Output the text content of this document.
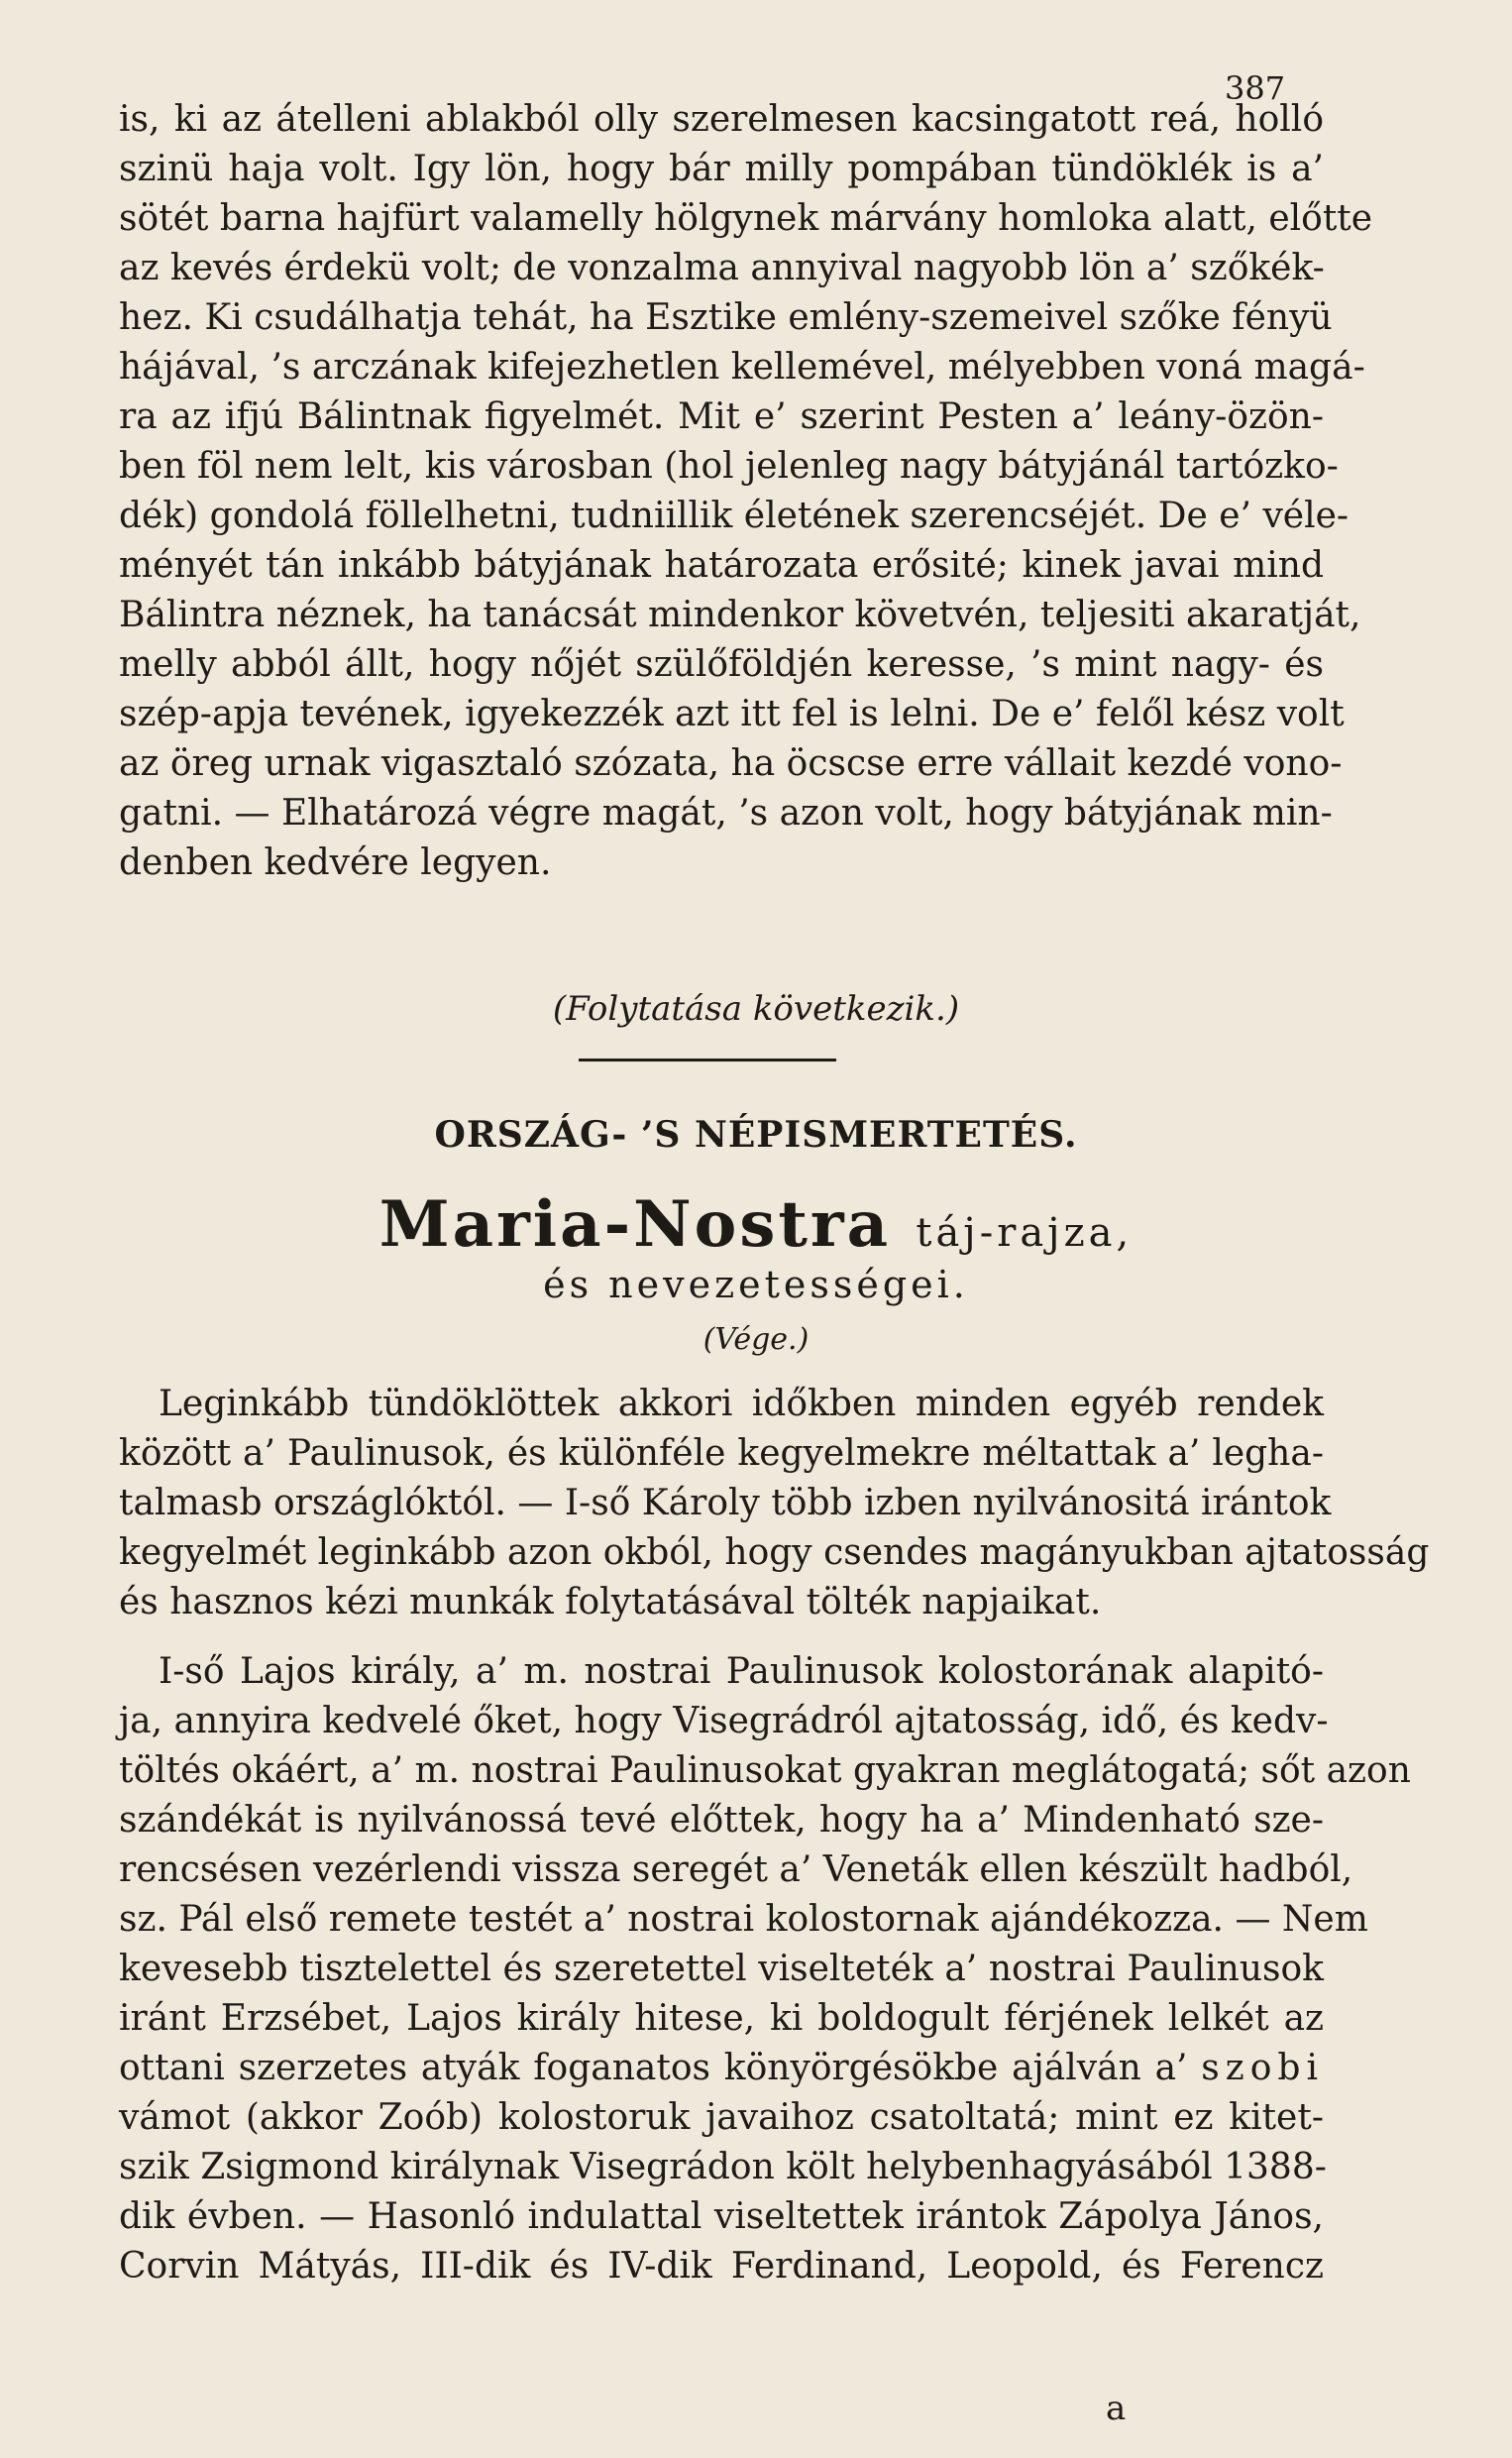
387
is, ki az átelleni ablakból olly szerelmesen kacsingatott reá, holló
szinü haja volt. Igy lön, hogy bár milly pompában tündöklék is a’
sötét barna hajfürt valamelly hölgynek márvány homloka alatt, előtte
az kevés érdekü volt; de vonzalma annyival nagyobb lön a’ szőkék-
hez. Ki csudálhatja tehát, ha Esztike emlény-szemeivel szőke fényü
hájával, ’s arczának kifejezhetlen kellemével, mélyebben voná magá-
ra az ifjú Bálintnak figyelmét. Mit e’ szerint Pesten a’ leány-özön-
ben föl nem lelt, kis városban (hol jelenleg nagy bátyjánál tartózko-
dék) gondolá föllelhetni, tudniillik életének szerencséjét. De e’ véle-
ményét tán inkább bátyjának határozata erősité; kinek javai mind
Bálintra néznek, ha tanácsát mindenkor követvén, teljesiti akaratját,
melly abból állt, hogy nőjét szülőföldjén keresse, ’s mint nagy- és
szép-apja tevének, igyekezzék azt itt fel is lelni. De e’ felől kész volt
az öreg urnak vigasztaló szózata, ha öcscse erre vállait kezdé vono-
gatni. — Elhatározá végre magát, ’s azon volt, hogy bátyjának min-
denben kedvére legyen.
(Folytatása következik.)
ORSZÁG- ’S NÉPISMERTETÉS.
Maria-Nostra táj-rajza,
és nevezetességei.
(Vége.)
Leginkább tündöklöttek akkori időkben minden egyéb rendek
között a’ Paulinusok, és különféle kegyelmekre méltattak a’ legha-
talmasb országlóktól. — I-ső Károly több izben nyilvánositá irántok
kegyelmét leginkább azon okból, hogy csendes magányukban ajtatosság
és hasznos kézi munkák folytatásával tölték napjaikat.
I-ső Lajos király, a’ m. nostrai Paulinusok kolostorának alapitó-
ja, annyira kedvelé őket, hogy Visegrádról ajtatosság, idő, és kedv-
töltés okáért, a’ m. nostrai Paulinusokat gyakran meglátogatá; sőt azon
szándékát is nyilvánossá tevé előttek, hogy ha a’ Mindenható sze-
rencsésen vezérlendi vissza seregét a’ Veneták ellen készült hadból,
sz. Pál első remete testét a’ nostrai kolostornak ajándékozza. — Nem
kevesebb tisztelettel és szeretettel viselteték a’ nostrai Paulinusok
iránt Erzsébet, Lajos király hitese, ki boldogult férjének lelkét az
ottani szerzetes atyák foganatos könyörgésökbe ajálván a’ szobi
vámot (akkor Zoób) kolostoruk javaihoz csatoltatá; mint ez kitet-
szik Zsigmond királynak Visegrádon költ helybenhagyásából 1388-
dik évben. — Hasonló indulattal viseltettek irántok Zápolya János,
Corvin Mátyás, III-dik és IV-dik Ferdinand, Leopold, és Ferencz
a
